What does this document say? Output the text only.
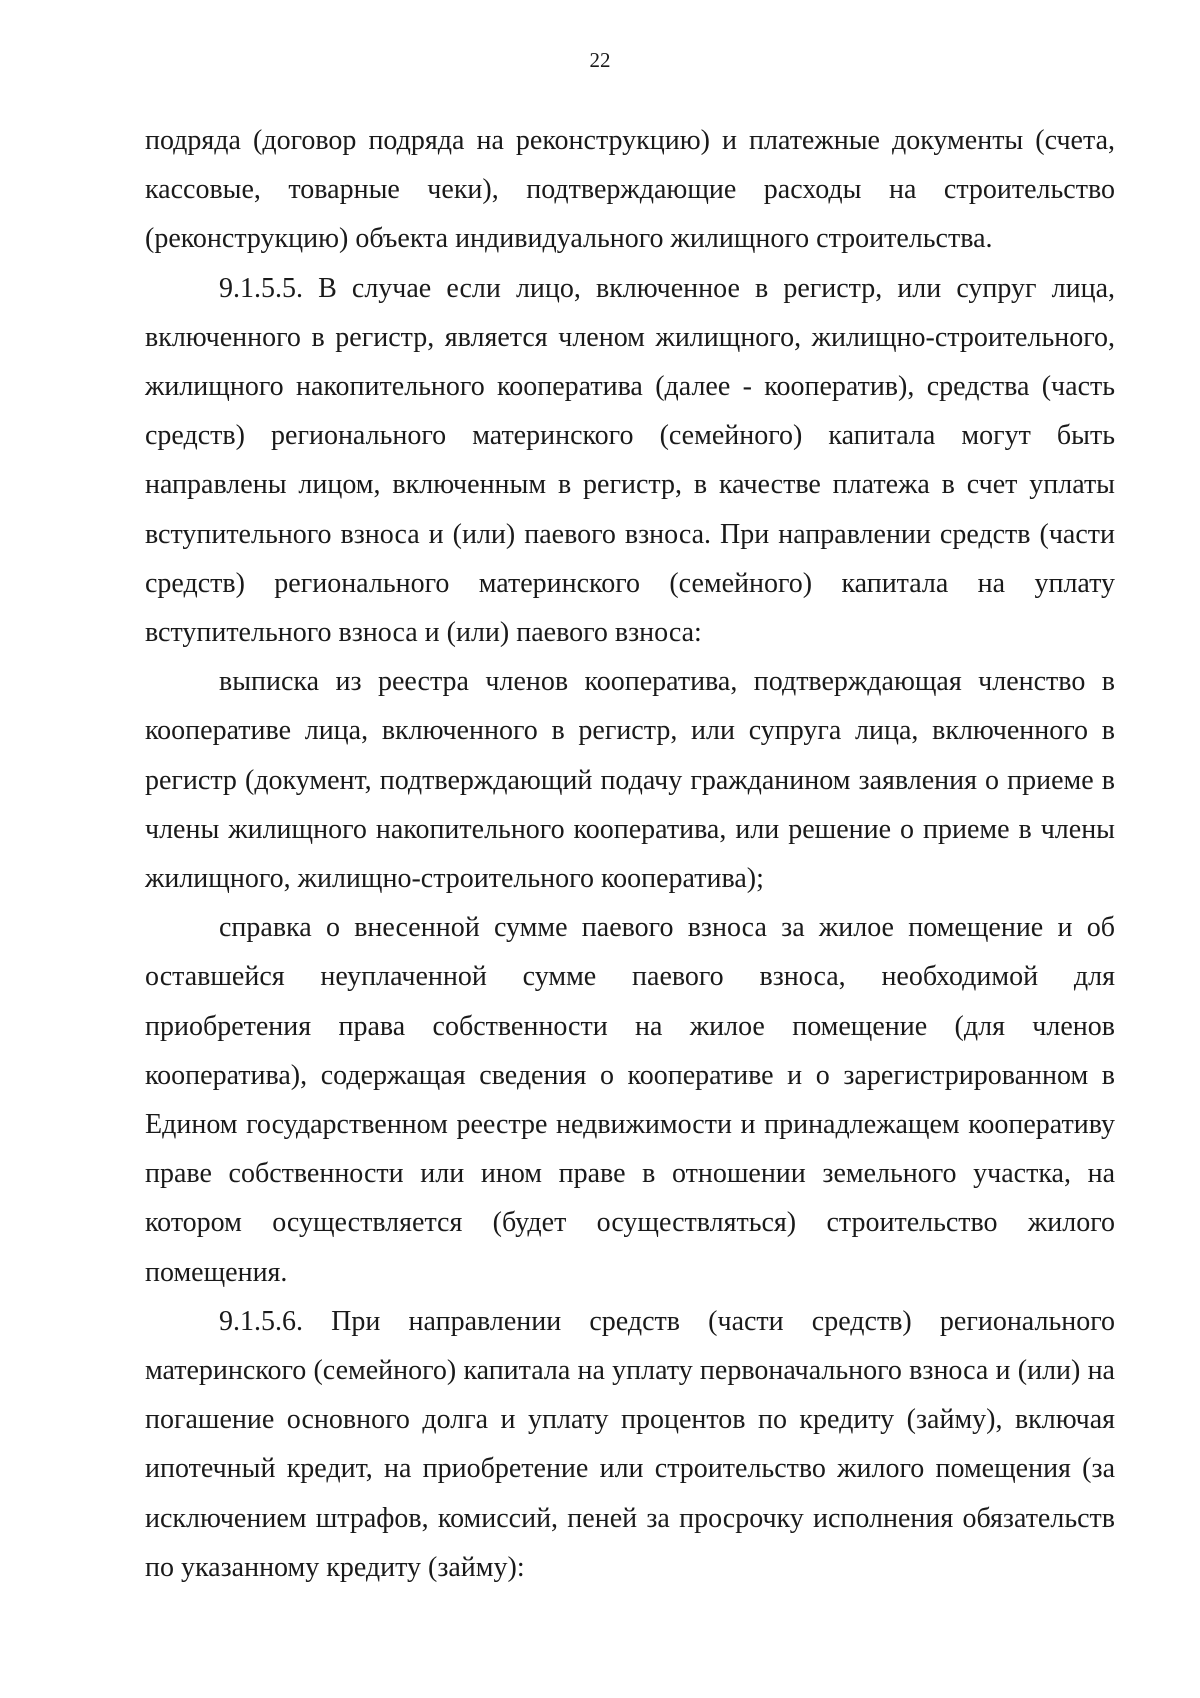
22

подряда (договор подряда на реконструкцию) и платежные документы (счета, кассовые, товарные чеки), подтверждающие расходы на строительство (реконструкцию) объекта индивидуального жилищного строительства.

9.1.5.5. В случае если лицо, включенное в регистр, или супруг лица, включенного в регистр, является членом жилищного, жилищно-строительного, жилищного накопительного кооператива (далее - кооператив), средства (часть средств) регионального материнского (семейного) капитала могут быть направлены лицом, включенным в регистр, в качестве платежа в счет уплаты вступительного взноса и (или) паевого взноса. При направлении средств (части средств) регионального материнского (семейного) капитала на уплату вступительного взноса и (или) паевого взноса:

выписка из реестра членов кооператива, подтверждающая членство в кооперативе лица, включенного в регистр, или супруга лица, включенного в регистр (документ, подтверждающий подачу гражданином заявления о приеме в члены жилищного накопительного кооператива, или решение о приеме в члены жилищного, жилищно-строительного кооператива);

справка о внесенной сумме паевого взноса за жилое помещение и об оставшейся неуплаченной сумме паевого взноса, необходимой для приобретения права собственности на жилое помещение (для членов кооператива), содержащая сведения о кооперативе и о зарегистрированном в Едином государственном реестре недвижимости и принадлежащем кооперативу праве собственности или ином праве в отношении земельного участка, на котором осуществляется (будет осуществляться) строительство жилого помещения.

9.1.5.6. При направлении средств (части средств) регионального материнского (семейного) капитала на уплату первоначального взноса и (или) на погашение основного долга и уплату процентов по кредиту (займу), включая ипотечный кредит, на приобретение или строительство жилого помещения (за исключением штрафов, комиссий, пеней за просрочку исполнения обязательств по указанному кредиту (займу):
